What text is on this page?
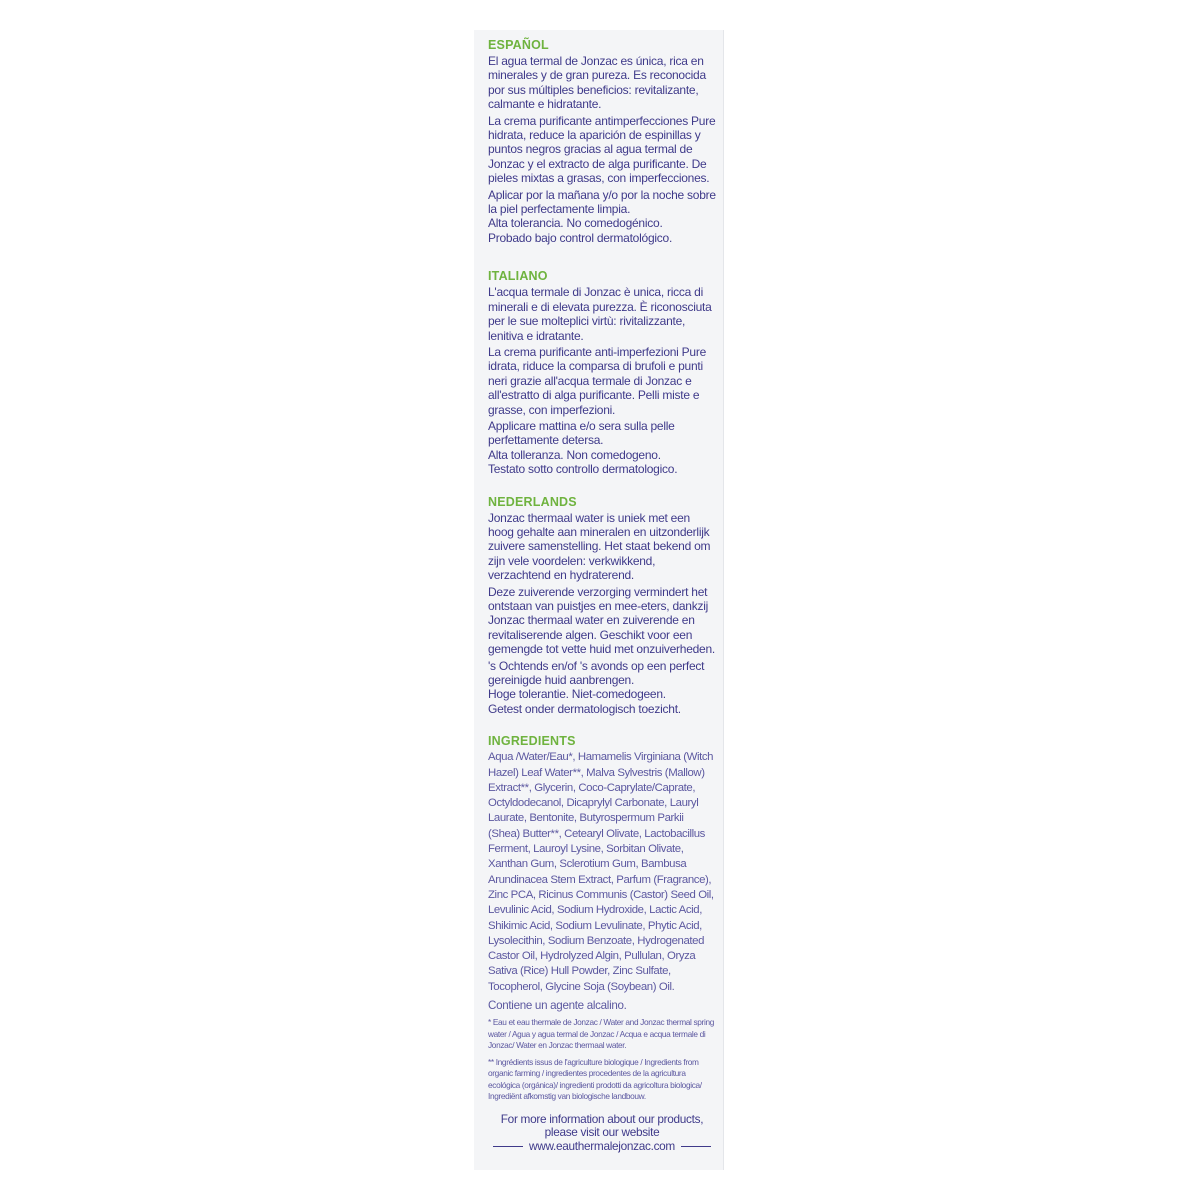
ESPAÑOL

El agua termal de Jonzac es única, rica en minerales y de gran pureza. Es reconocida por sus múltiples beneficios: revitalizante, calmante e hidratante.

La crema purificante antimperfecciones Pure hidrata, reduce la aparición de espinillas y puntos negros gracias al agua termal de Jonzac y el extracto de alga purificante. De pieles mixtas a grasas, con imperfecciones.

Aplicar por la mañana y/o por la noche sobre la piel perfectamente limpia.

Alta tolerancia. No comedogénico.

Probado bajo control dermatológico.

ITALIANO

L'acqua termale di Jonzac è unica, ricca di minerali e di elevata purezza. È riconosciuta per le sue molteplici virtù: rivitalizzante, lenitiva e idratante.

La crema purificante anti-imperfezioni Pure idrata, riduce la comparsa di brufoli e punti neri grazie all'acqua termale di Jonzac e all'estratto di alga purificante. Pelli miste e grasse, con imperfezioni.

Applicare mattina e/o sera sulla pelle perfettamente detersa.

Alta tolleranza. Non comedogeno.

Testato sotto controllo dermatologico.

NEDERLANDS

Jonzac thermaal water is uniek met een hoog gehalte aan mineralen en uitzonderlijk zuivere samenstelling. Het staat bekend om zijn vele voordelen: verkwikkend, verzachtend en hydraterend.

Deze zuiverende verzorging vermindert het ontstaan van puistjes en mee-eters, dankzij Jonzac thermaal water en zuiverende en revitaliserende algen. Geschikt voor een gemengde tot vette huid met onzuiverheden.

's Ochtends en/of 's avonds op een perfect gereinigde huid aanbrengen.

Hoge tolerantie. Niet-comedogeen.

Getest onder dermatologisch toezicht.

INGREDIENTS

Aqua /Water/Eau*, Hamamelis Virginiana (Witch Hazel) Leaf Water**, Malva Sylvestris (Mallow) Extract**, Glycerin, Coco-Caprylate/Caprate, Octyldodecanol, Dicaprylyl Carbonate, Lauryl Laurate, Bentonite, Butyrospermum Parkii (Shea) Butter**, Cetearyl Olivate, Lactobacillus Ferment, Lauroyl Lysine, Sorbitan Olivate, Xanthan Gum, Sclerotium Gum, Bambusa Arundinacea Stem Extract, Parfum (Fragrance), Zinc PCA, Ricinus Communis (Castor) Seed Oil, Levulinic Acid, Sodium Hydroxide, Lactic Acid, Shikimic Acid, Sodium Levulinate, Phytic Acid, Lysolecithin, Sodium Benzoate, Hydrogenated Castor Oil, Hydrolyzed Algin, Pullulan, Oryza Sativa (Rice) Hull Powder, Zinc Sulfate, Tocopherol, Glycine Soja (Soybean) Oil.

Contiene un agente alcalino.

* Eau et eau thermale de Jonzac / Water and Jonzac thermal spring water / Agua y agua termal de Jonzac / Acqua e acqua termale di Jonzac/ Water en Jonzac thermaal water.

** Ingrédients issus de l'agriculture biologique / Ingredients from organic farming / ingredientes procedentes de la agricultura ecológica (orgánica)/ ingredienti prodotti da agricoltura biologica/ Ingrediënt afkomstig van biologische landbouw.

For more information about our products,
please visit our website
www.eauthermalejonzac.com
